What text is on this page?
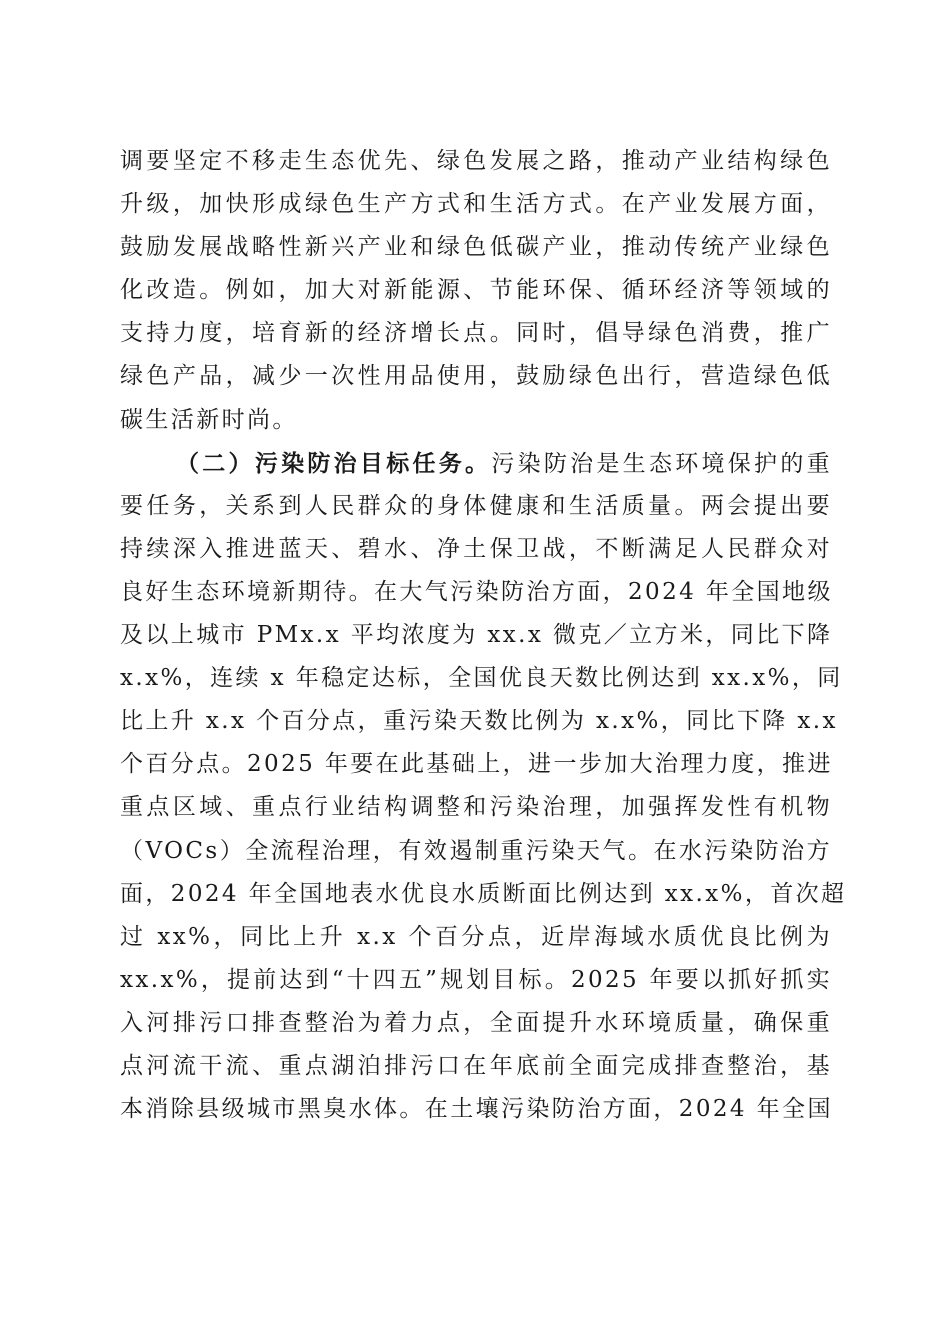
调要坚定不移走生态优先、绿色发展之路，推动产业结构绿色
升级，加快形成绿色生产方式和生活方式。在产业发展方面，
鼓励发展战略性新兴产业和绿色低碳产业，推动传统产业绿色
化改造。例如，加大对新能源、节能环保、循环经济等领域的
支持力度，培育新的经济增长点。同时，倡导绿色消费，推广
绿色产品，减少一次性用品使用，鼓励绿色出行，营造绿色低
碳生活新时尚。
（二）污染防治目标任务。污染防治是生态环境保护的重
要任务，关系到人民群众的身体健康和生活质量。两会提出要
持续深入推进蓝天、碧水、净土保卫战，不断满足人民群众对
良好生态环境新期待。在大气污染防治方面，2024 年全国地级
及以上城市 PMx.x 平均浓度为 xx.x 微克／立方米，同比下降
x.x%，连续 x 年稳定达标，全国优良天数比例达到 xx.x%，同
比上升 x.x 个百分点，重污染天数比例为 x.x%，同比下降 x.x
个百分点。2025 年要在此基础上，进一步加大治理力度，推进
重点区域、重点行业结构调整和污染治理，加强挥发性有机物
（VOCs）全流程治理，有效遏制重污染天气。在水污染防治方
面，2024 年全国地表水优良水质断面比例达到 xx.x%，首次超
过 xx%，同比上升 x.x 个百分点，近岸海域水质优良比例为
xx.x%，提前达到“十四五”规划目标。2025 年要以抓好抓实
入河排污口排查整治为着力点，全面提升水环境质量，确保重
点河流干流、重点湖泊排污口在年底前全面完成排查整治，基
本消除县级城市黑臭水体。在土壤污染防治方面，2024 年全国
